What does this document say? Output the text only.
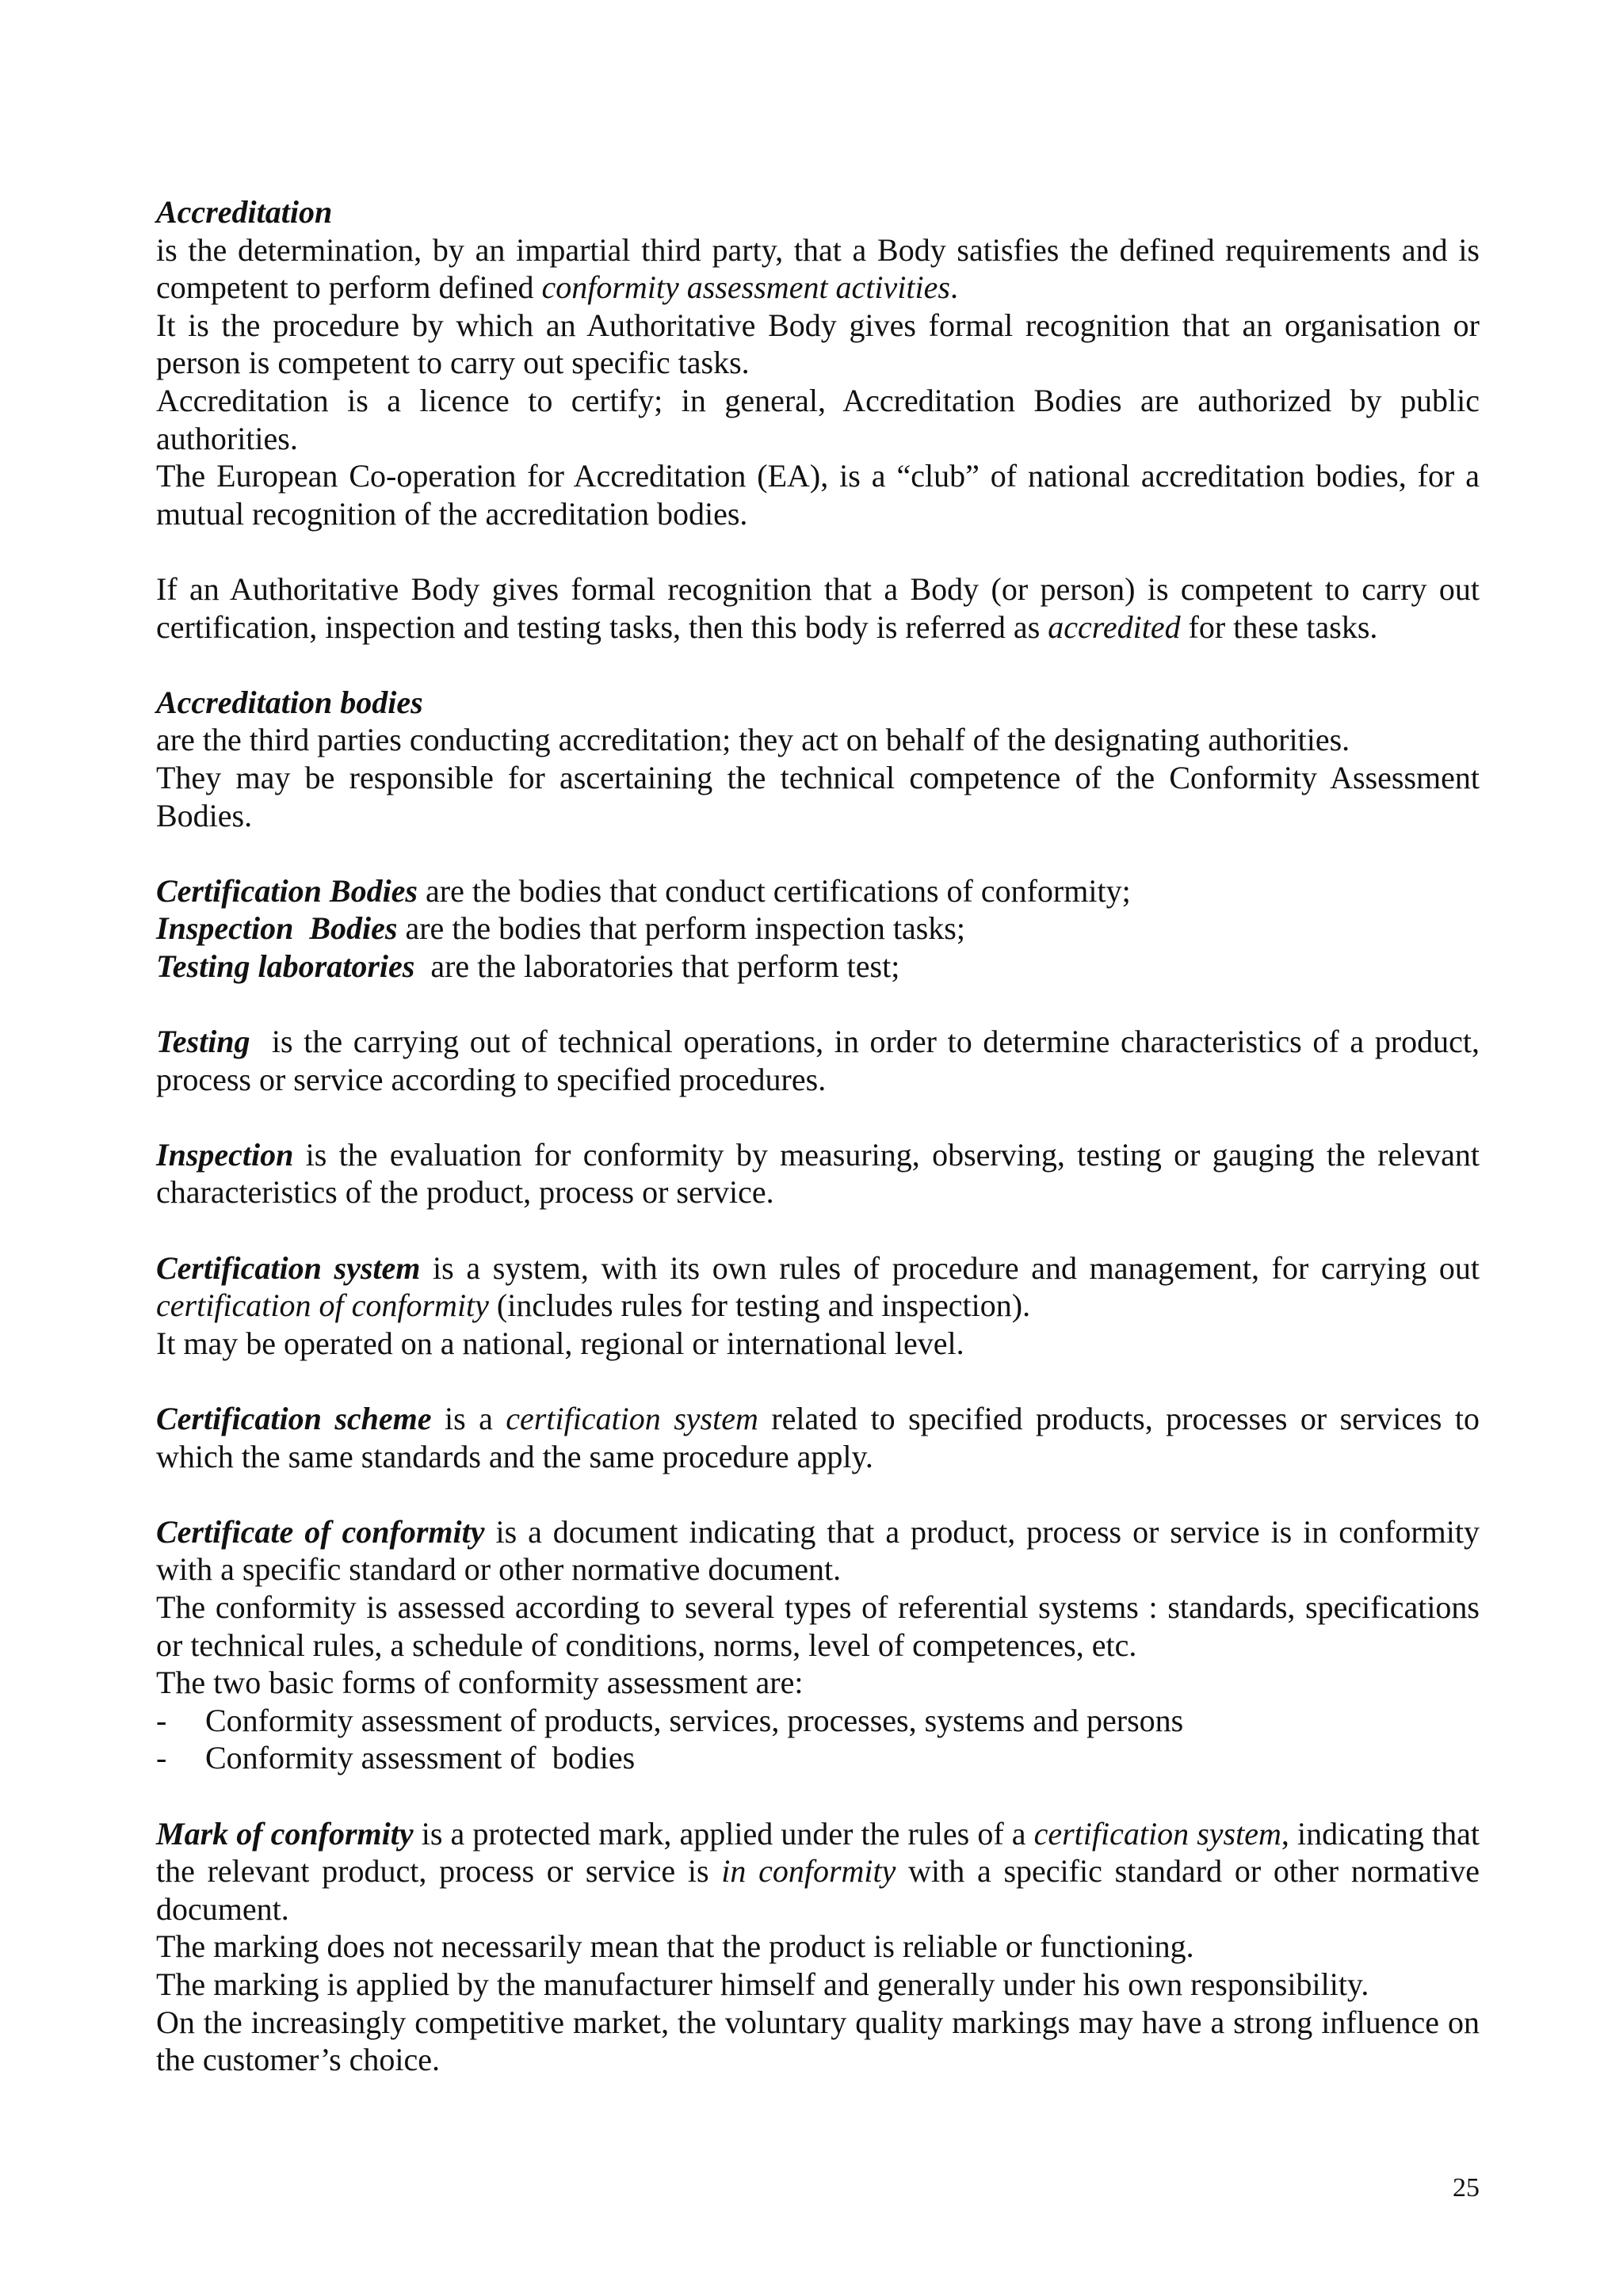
Accreditation

is the determination, by an impartial third party, that a Body satisfies the defined requirements and is competent to perform defined conformity assessment activities.

It is the procedure by which an Authoritative Body gives formal recognition that an organisation or person is competent to carry out specific tasks.

Accreditation is a licence to certify; in general, Accreditation Bodies are authorized by public authorities.

The European Co-operation for Accreditation (EA), is a “club” of national accreditation bodies, for a mutual recognition of the accreditation bodies.

If an Authoritative Body gives formal recognition that a Body (or person) is competent to carry out certification, inspection and testing tasks, then this body is referred as accredited for these tasks.

Accreditation bodies

are the third parties conducting accreditation; they act on behalf of the designating authorities.

They may be responsible for ascertaining the technical competence of the Conformity Assessment Bodies.

Certification Bodies are the bodies that conduct certifications of conformity;

Inspection  Bodies are the bodies that perform inspection tasks;

Testing laboratories  are the laboratories that perform test;

Testing  is the carrying out of technical operations, in order to determine characteristics of a product, process or service according to specified procedures.

Inspection is the evaluation for conformity by measuring, observing, testing or gauging the relevant characteristics of the product, process or service.

Certification system is a system, with its own rules of procedure and management, for carrying out certification of conformity (includes rules for testing and inspection).

It may be operated on a national, regional or international level.

Certification scheme is a certification system related to specified products, processes or services to which the same standards and the same procedure apply.

Certificate of conformity is a document indicating that a product, process or service is in conformity with a specific standard or other normative document.

The conformity is assessed according to several types of referential systems : standards, specifications or technical rules, a schedule of conditions, norms, level of competences, etc.

The two basic forms of conformity assessment are:

-	Conformity assessment of products, services, processes, systems and persons
-	Conformity assessment of  bodies

Mark of conformity is a protected mark, applied under the rules of a certification system, indicating that the relevant product, process or service is in conformity with a specific standard or other normative document.

The marking does not necessarily mean that the product is reliable or functioning.

The marking is applied by the manufacturer himself and generally under his own responsibility.

On the increasingly competitive market, the voluntary quality markings may have a strong influence on the customer’s choice.

25
